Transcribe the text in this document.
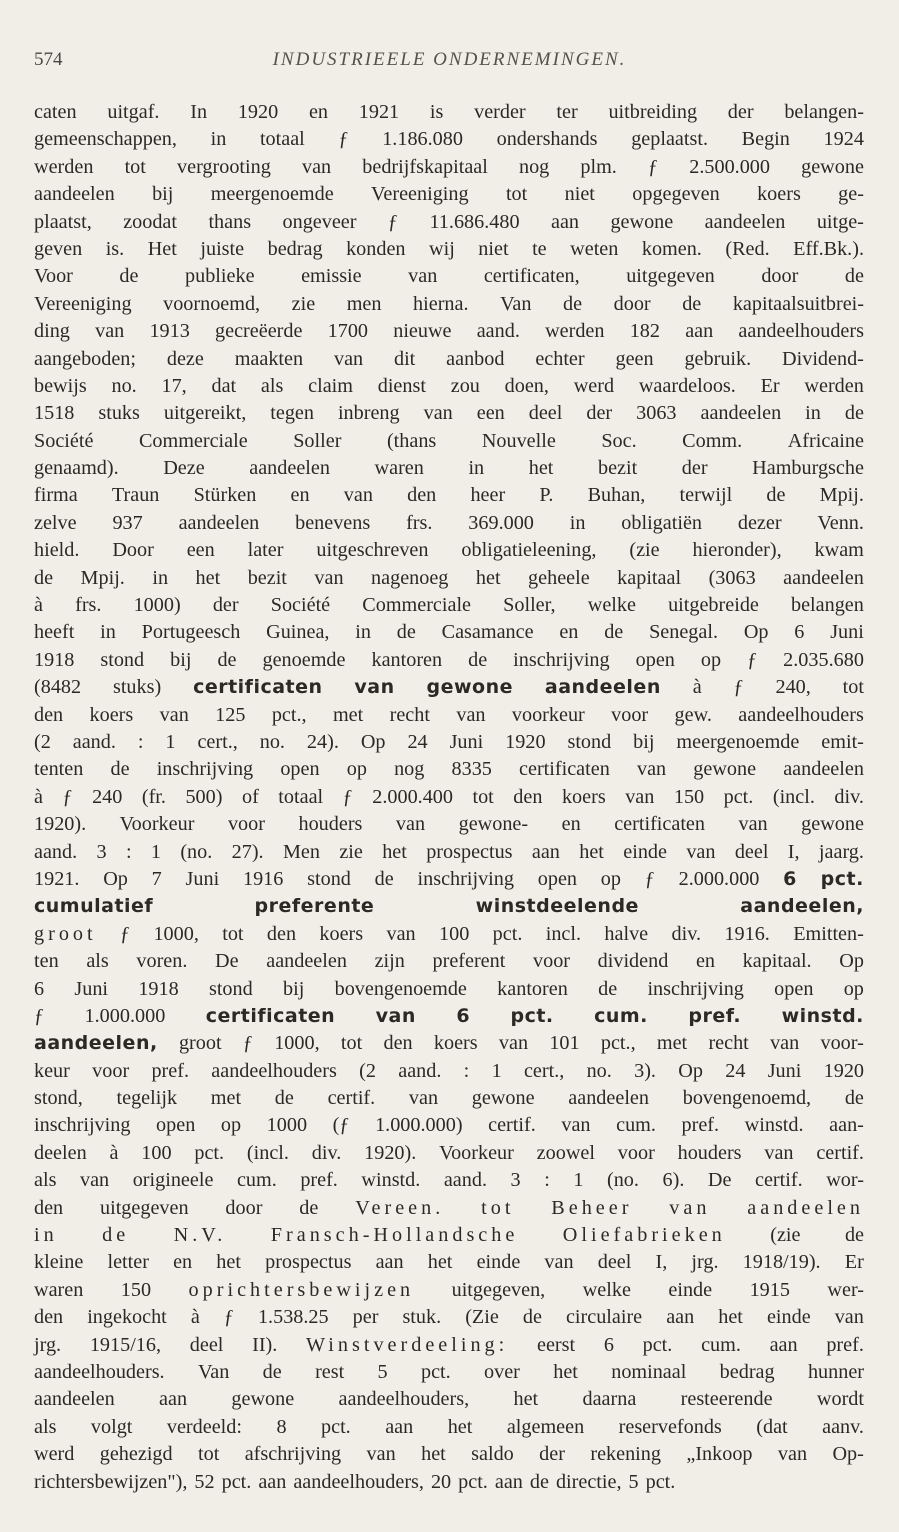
574	INDUSTRIEELE ONDERNEMINGEN.
caten uitgaf. In 1920 en 1921 is verder ter uitbreiding der belangen-
gemeenschappen, in totaal ƒ 1.186.080 ondershands geplaatst. Begin 1924
werden tot vergrooting van bedrijfskapitaal nog plm. ƒ 2.500.000 gewone
aandeelen bij meergenoemde Vereeniging tot niet opgegeven koers ge-
plaatst, zoodat thans ongeveer ƒ 11.686.480 aan gewone aandeelen uitge-
geven is. Het juiste bedrag konden wij niet te weten komen. (Red. Eff.Bk.).
Voor de publieke emissie van certificaten, uitgegeven door de
Vereeniging voornoemd, zie men hierna. Van de door de kapitaalsuitbrei-
ding van 1913 gecreëerde 1700 nieuwe aand. werden 182 aan aandeelhouders
aangeboden; deze maakten van dit aanbod echter geen gebruik. Dividend-
bewijs no. 17, dat als claim dienst zou doen, werd waardeloos. Er werden
1518 stuks uitgereikt, tegen inbreng van een deel der 3063 aandeelen in de
Société Commerciale Soller (thans Nouvelle Soc. Comm. Africaine
genaamd). Deze aandeelen waren in het bezit der Hamburgsche
firma Traun Stürken en van den heer P. Buhan, terwijl de Mpij.
zelve 937 aandeelen benevens frs. 369.000 in obligatiën dezer Venn.
hield. Door een later uitgeschreven obligatieleening, (zie hieronder), kwam
de Mpij. in het bezit van nagenoeg het geheele kapitaal (3063 aandeelen
à frs. 1000) der Société Commerciale Soller, welke uitgebreide belangen
heeft in Portugeesch Guinea, in de Casamance en de Senegal. Op 6 Juni
1918 stond bij de genoemde kantoren de inschrijving open op ƒ 2.035.680
(8482 stuks) certificaten van gewone aandeelen à ƒ 240, tot
den koers van 125 pct., met recht van voorkeur voor gew. aandeelhouders
(2 aand. : 1 cert., no. 24). Op 24 Juni 1920 stond bij meergenoemde emit-
tenten de inschrijving open op nog 8335 certificaten van gewone aandeelen
à ƒ 240 (fr. 500) of totaal ƒ 2.000.400 tot den koers van 150 pct. (incl. div.
1920). Voorkeur voor houders van gewone- en certificaten van gewone
aand. 3 : 1 (no. 27). Men zie het prospectus aan het einde van deel I, jaarg.
1921. Op 7 Juni 1916 stond de inschrijving open op ƒ 2.000.000 6 pct.
cumulatief	preferente	winstdeelende	aandeelen,
groot ƒ 1000, tot den koers van 100 pct. incl. halve div. 1916. Emitten-
ten als voren. De aandeelen zijn preferent voor dividend en kapitaal. Op
6 Juni 1918 stond bij bovengenoemde kantoren de inschrijving open op
ƒ 1.000.000 certificaten van 6 pct. cum. pref. winstd.
aandeelen, groot ƒ 1000, tot den koers van 101 pct., met recht van voor-
keur voor pref. aandeelhouders (2 aand. : 1 cert., no. 3). Op 24 Juni 1920
stond, tegelijk met de certif. van gewone aandeelen bovengenoemd, de
inschrijving open op 1000 (ƒ 1.000.000) certif. van cum. pref. winstd. aan-
deelen à 100 pct. (incl. div. 1920). Voorkeur zoowel voor houders van certif.
als van origineele cum. pref. winstd. aand. 3 : 1 (no. 6). De certif. wor-
den uitgegeven door de Vereen. tot Beheer van aandeelen
in de N.V. Fransch-Hollandsche Oliefabrieken (zie de
kleine letter en het prospectus aan het einde van deel I, jrg. 1918/19). Er
waren 150 oprichtersbewijzen uitgegeven, welke einde 1915 wer-
den ingekocht à ƒ 1.538.25 per stuk. (Zie de circulaire aan het einde van
jrg. 1915/16, deel II). Winstverdeeling: eerst 6 pct. cum. aan pref.
aandeelhouders. Van de rest 5 pct. over het nominaal bedrag hunner
aandeelen aan gewone aandeelhouders, het daarna resteerende wordt
als volgt verdeeld: 8 pct. aan het algemeen reservefonds (dat aanv.
werd gehezigd tot afschrijving van het saldo der rekening „Inkoop van Op-
richtersbewijzen"), 52 pct. aan aandeelhouders, 20 pct. aan de directie, 5 pct.
